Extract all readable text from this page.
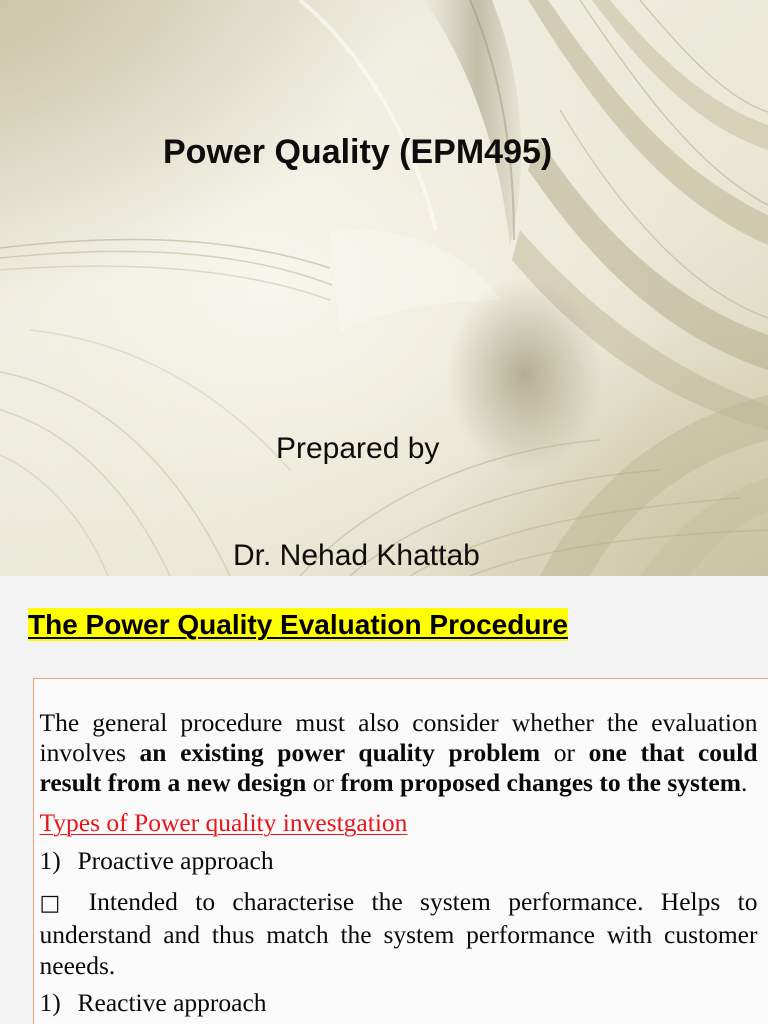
Power Quality (EPM495)
Prepared by
Dr. Nehad Khattab
The Power Quality Evaluation Procedure

The general procedure must also consider whether the evaluation involves an existing power quality problem or one that could result from a new design or from proposed changes to the system.

Types of Power quality investgation

1) Proactive approach

□ Intended to characterise the system performance. Helps to understand and thus match the system performance with customer neeeds.

1) Reactive approach
